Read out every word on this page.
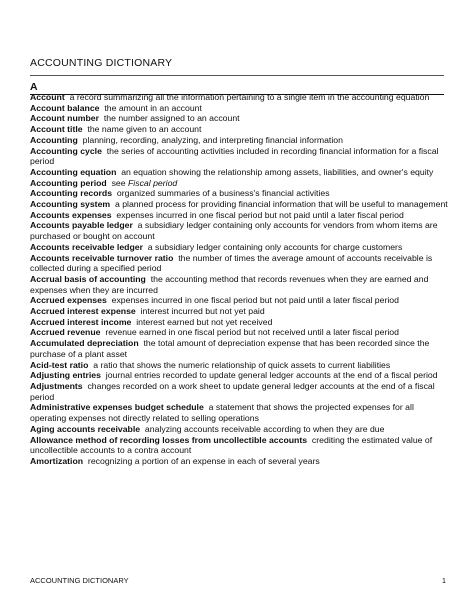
ACCOUNTING DICTIONARY
A

Account  a record summarizing all the information pertaining to a single item in the accounting equation

Account balance  the amount in an account

Account number  the number assigned to an account

Account title  the name given to an account

Accounting  planning, recording, analyzing, and interpreting financial information

Accounting cycle  the series of accounting activities included in recording financial information for a fiscal period

Accounting equation  an equation showing the relationship among assets, liabilities, and owner's equity

Accounting period  see Fiscal period

Accounting records  organized summaries of a business's financial activities

Accounting system  a planned process for providing financial information that will be useful to management

Accounts expenses  expenses incurred in one fiscal period but not paid until a later fiscal period

Accounts payable ledger  a subsidiary ledger containing only accounts for vendors from whom items are purchased or bought on account

Accounts receivable ledger  a subsidiary ledger containing only accounts for charge customers

Accounts receivable turnover ratio  the number of times the average amount of accounts receivable is collected during a specified period

Accrual basis of accounting  the accounting method that records revenues when they are earned and expenses when they are incurred

Accrued expenses  expenses incurred in one fiscal period but not paid until a later fiscal period

Accrued interest expense  interest incurred but not yet paid

Accrued interest income  interest earned but not yet received

Accrued revenue  revenue earned in one fiscal period but not received until a later fiscal period

Accumulated depreciation  the total amount of depreciation expense that has been recorded since the purchase of a plant asset

Acid-test ratio  a ratio that shows the numeric relationship of quick assets to current liabilities

Adjusting entries  journal entries recorded to update general ledger accounts at the end of a fiscal period

Adjustments  changes recorded on a work sheet to update general ledger accounts at the end of a fiscal period

Administrative expenses budget schedule  a statement that shows the projected expenses for all operating expenses not directly related to selling operations

Aging accounts receivable  analyzing accounts receivable according to when they are due

Allowance method of recording losses from uncollectible accounts  crediting the estimated value of uncollectible accounts to a contra account

Amortization  recognizing a portion of an expense in each of several years

ACCOUNTING DICTIONARY	1
